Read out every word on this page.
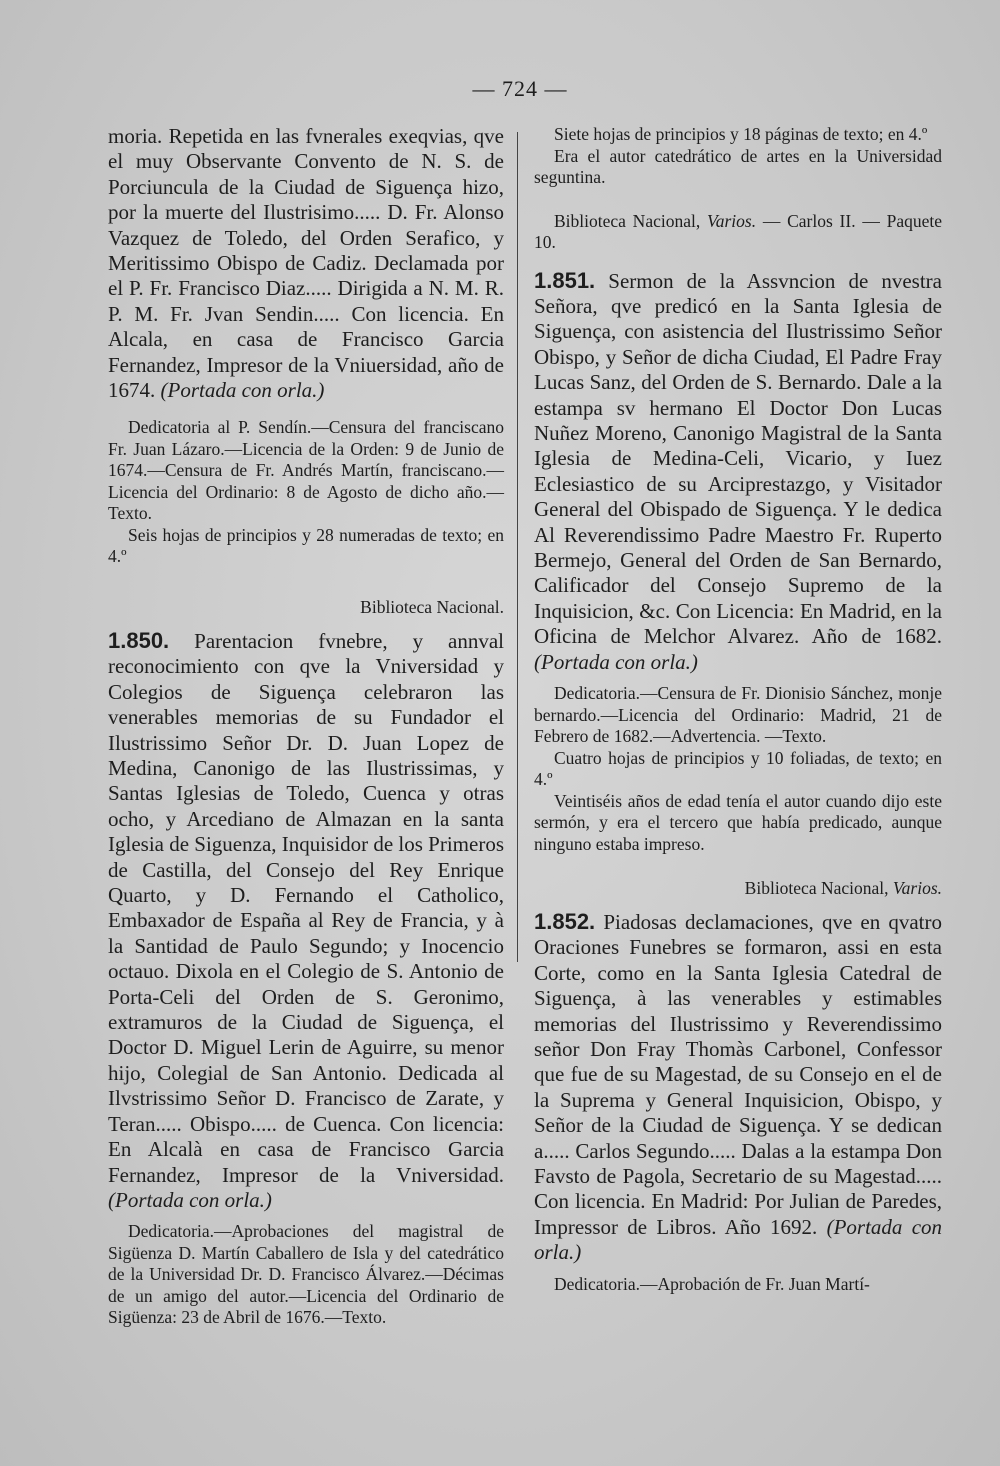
— 724 —

moria. Repetida en las fvnerales exeqvias, qve el muy Observante Convento de N. S. de Porciuncula de la Ciudad de Siguença hizo, por la muerte del Ilustrisimo..... D. Fr. Alonso Vazquez de Toledo, del Orden Serafico, y Meritissimo Obispo de Cadiz. Declamada por el P. Fr. Francisco Diaz..... Dirigida a N. M. R. P. M. Fr. Jvan Sendin..... Con licencia. En Alcala, en casa de Francisco Garcia Fernandez, Impresor de la Vniuersidad, año de 1674. (Portada con orla.)

Dedicatoria al P. Sendín.—Censura del franciscano Fr. Juan Lázaro.—Licencia de la Orden: 9 de Junio de 1674.—Censura de Fr. Andrés Martín, franciscano.—Licencia del Ordinario: 8 de Agosto de dicho año.—Texto.

Seis hojas de principios y 28 numeradas de texto; en 4.º

Biblioteca Nacional.

1.850. Parentacion fvnebre, y annval reconocimiento con qve la Vniversidad y Colegios de Siguença celebraron las venerables memorias de su Fundador el Ilustrissimo Señor Dr. D. Juan Lopez de Medina, Canonigo de las Ilustrissimas, y Santas Iglesias de Toledo, Cuenca y otras ocho, y Arcediano de Almazan en la santa Iglesia de Siguenza, Inquisidor de los Primeros de Castilla, del Consejo del Rey Enrique Quarto, y D. Fernando el Catholico, Embaxador de España al Rey de Francia, y à la Santidad de Paulo Segundo; y Inocencio octauo. Dixola en el Colegio de S. Antonio de Porta-Celi del Orden de S. Geronimo, extramuros de la Ciudad de Siguença, el Doctor D. Miguel Lerin de Aguirre, su menor hijo, Colegial de San Antonio. Dedicada al Ilvstrissimo Señor D. Francisco de Zarate, y Teran..... Obispo..... de Cuenca. Con licencia: En Alcalà en casa de Francisco Garcia Fernandez, Impresor de la Vniversidad. (Portada con orla.)

Dedicatoria.—Aprobaciones del magistral de Sigüenza D. Martín Caballero de Isla y del catedrático de la Universidad Dr. D. Francisco Álvarez.—Décimas de un amigo del autor.—Licencia del Ordinario de Sigüenza: 23 de Abril de 1676.—Texto.

Siete hojas de principios y 18 páginas de texto; en 4.º

Era el autor catedrático de artes en la Universidad seguntina.

Biblioteca Nacional, Varios. — Carlos II. — Paquete 10.

1.851. Sermon de la Assvncion de nvestra Señora, qve predicó en la Santa Iglesia de Siguença, con asistencia del Ilustrissimo Señor Obispo, y Señor de dicha Ciudad, El Padre Fray Lucas Sanz, del Orden de S. Bernardo. Dale a la estampa sv hermano El Doctor Don Lucas Nuñez Moreno, Canonigo Magistral de la Santa Iglesia de Medina-Celi, Vicario, y Iuez Eclesiastico de su Arciprestazgo, y Visitador General del Obispado de Siguença. Y le dedica Al Reverendissimo Padre Maestro Fr. Ruperto Bermejo, General del Orden de San Bernardo, Calificador del Consejo Supremo de la Inquisicion, &c. Con Licencia: En Madrid, en la Oficina de Melchor Alvarez. Año de 1682. (Portada con orla.)

Dedicatoria.—Censura de Fr. Dionisio Sánchez, monje bernardo.—Licencia del Ordinario: Madrid, 21 de Febrero de 1682.—Advertencia. —Texto.

Cuatro hojas de principios y 10 foliadas, de texto; en 4.º

Veintiséis años de edad tenía el autor cuando dijo este sermón, y era el tercero que había predicado, aunque ninguno estaba impreso.

Biblioteca Nacional, Varios.

1.852. Piadosas declamaciones, qve en qvatro Oraciones Funebres se formaron, assi en esta Corte, como en la Santa Iglesia Catedral de Siguença, à las venerables y estimables memorias del Ilustrissimo y Reverendissimo señor Don Fray Thomàs Carbonel, Confessor que fue de su Magestad, de su Consejo en el de la Suprema y General Inquisicion, Obispo, y Señor de la Ciudad de Siguença. Y se dedican a..... Carlos Segundo..... Dalas a la estampa Don Favsto de Pagola, Secretario de su Magestad..... Con licencia. En Madrid: Por Julian de Paredes, Impressor de Libros. Año 1692. (Portada con orla.)

Dedicatoria.—Aprobación de Fr. Juan Martí-
